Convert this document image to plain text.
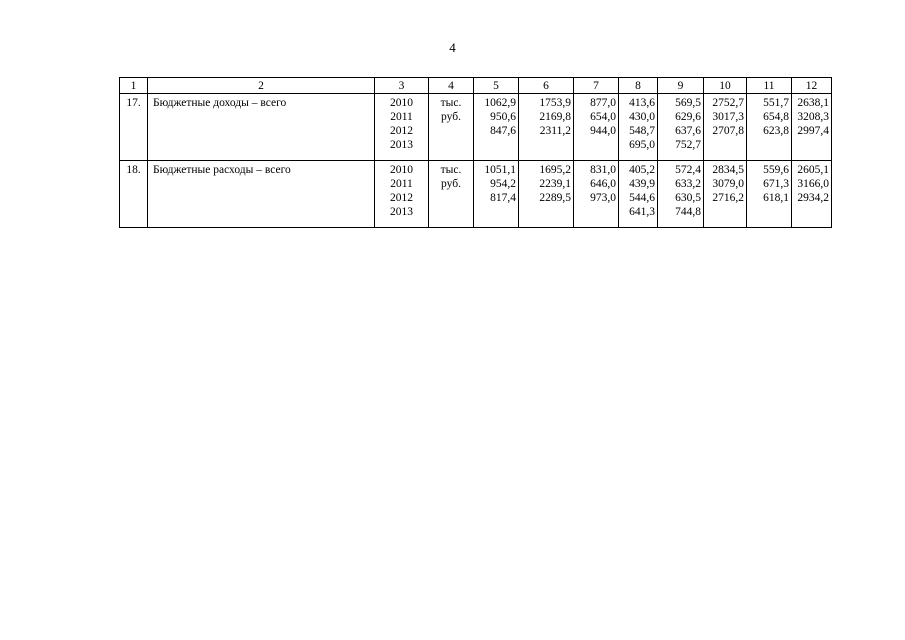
4
1	2	3	4	5	6	7	8	9	10	11	12
17.	Бюджетные доходы – всего	2010	тыс.	1062,9	1753,9	877,0	413,6	569,5	2752,7	551,7	2638,1
		2011	руб.	950,6	2169,8	654,0	430,0	629,6	3017,3	654,8	3208,3
		2012		847,6	2311,2	944,0	548,7	637,6	2707,8	623,8	2997,4
		2013					695,0	752,7			

18.	Бюджетные расходы – всего	2010	тыс.	1051,1	1695,2	831,0	405,2	572,4	2834,5	559,6	2605,1
		2011	руб.	954,2	2239,1	646,0	439,9	633,2	3079,0	671,3	3166,0
		2012		817,4	2289,5	973,0	544,6	630,5	2716,2	618,1	2934,2
		2013					641,3	744,8			
